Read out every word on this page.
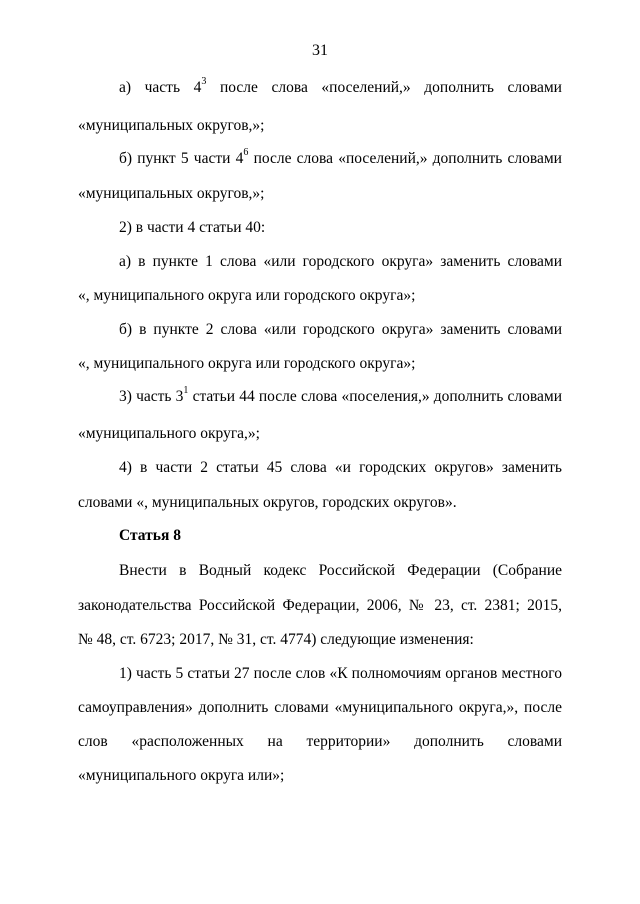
31
а) часть $4^3$ после слова «поселений,» дополнить словами
«муниципальных округов,»;
б) пункт 5 части $4^6$ после слова «поселений,» дополнить словами
«муниципальных округов,»;
2) в части 4 статьи 40:
а) в пункте 1 слова «или городского округа» заменить словами
«, муниципального округа или городского округа»;
б) в пункте 2 слова «или городского округа» заменить словами
«, муниципального округа или городского округа»;
3) часть $3^1$ статьи 44 после слова «поселения,» дополнить словами
«муниципального округа,»;
4) в части 2 статьи 45 слова «и городских округов» заменить
словами «, муниципальных округов, городских округов».
Статья 8
Внести в Водный кодекс Российской Федерации (Собрание
законодательства Российской Федерации, 2006, № 23, ст. 2381; 2015,
№ 48, ст. 6723; 2017, № 31, ст. 4774) следующие изменения:
1) часть 5 статьи 27 после слов «К полномочиям органов местного
самоуправления» дополнить словами «муниципального округа,», после
слов «расположенных на территории» дополнить словами
«муниципального округа или»;
